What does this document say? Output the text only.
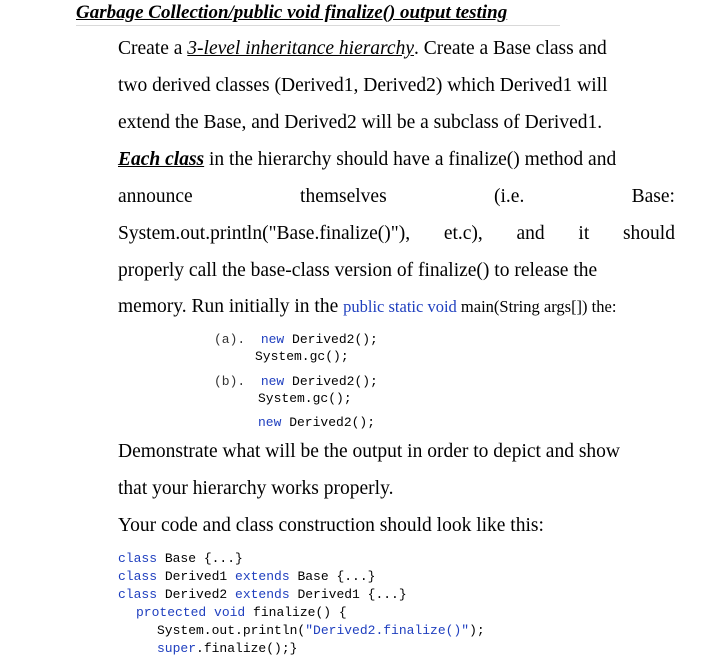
Garbage Collection/public void finalize() output testing
Create a 3-level inheritance hierarchy. Create a Base class and
two derived classes (Derived1, Derived2) which Derived1 will
extend the Base, and Derived2 will be a subclass of Derived1.
Each class in the hierarchy should have a finalize() method and
announce	themselves	(i.e.	Base:
System.out.println("Base.finalize()"), et.c), and it should
properly call the base-class version of finalize() to release the
memory. Run initially in the public static void main(String args[]) the:
(a). new Derived2();
System.gc();
(b). new Derived2();
System.gc();
new Derived2();
Demonstrate what will be the output in order to depict and show
that your hierarchy works properly.
Your code and class construction should look like this:
class Base {...}
class Derived1 extends Base {...}
class Derived2 extends Derived1 {...}
protected void finalize() {
System.out.println("Derived2.finalize()");
super.finalize();}
